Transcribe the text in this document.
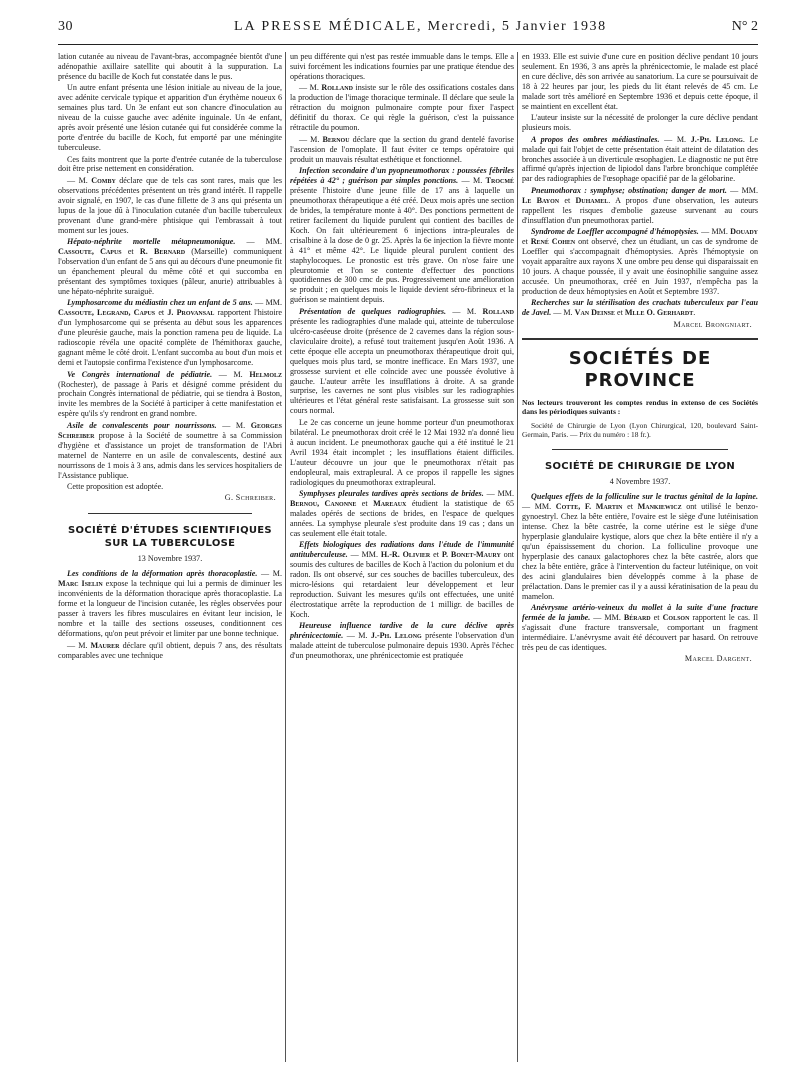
30	LA PRESSE MÉDICALE, Mercredi, 5 Janvier 1938	N° 2

lation cutanée au niveau de l'avant-bras, accompagnée bientôt d'une adénopathie axillaire satellite qui aboutit à la suppuration. La présence du bacille de Koch fut constatée dans le pus.

Un autre enfant présenta une lésion initiale au niveau de la joue, avec adénite cervicale typique et apparition d'un érythème noueux 6 semaines plus tard. Un 3e enfant eut son chancre d'inoculation au niveau de la cuisse gauche avec adénite inguinale. Un 4e enfant, après avoir présenté une lésion cutanée qui fut considérée comme la porte d'entrée du bacille de Koch, fut emporté par une méningite tuberculeuse.

Ces faits montrent que la porte d'entrée cutanée de la tuberculose doit être prise nettement en considération.

— M. Comby déclare que de tels cas sont rares, mais que les observations précédentes présentent un très grand intérêt. Il rappelle avoir signalé, en 1907, le cas d'une fillette de 3 ans qui présenta un lupus de la joue dû à l'inoculation cutanée d'un bacille tuberculeux provenant d'une grand-mère phtisique qui l'embrassait à tout moment sur les joues.

Hépato-néphrite mortelle métapneumonique. — MM. Cassoute, Capus et R. Bernard (Marseille) communiquent l'observation d'un enfant de 5 ans qui au décours d'une pneumonie fit un épanchement pleural du même côté et qui succomba en présentant des symptômes toxiques (pâleur, anurie) attribuables à une hépato-néphrite suraiguë.

Lymphosarcome du médiastin chez un enfant de 5 ans. — MM. Cassoute, Legrand, Capus et J. Provansal rapportent l'histoire d'un lymphosarcome qui se présenta au début sous les apparences d'une pleurésie gauche, mais la ponction ramena peu de liquide. La radioscopie révéla une opacité complète de l'hémithorax gauche, gagnant même le côté droit. L'enfant succomba au bout d'un mois et demi et l'autopsie confirma l'existence d'un lymphosarcome.

Ve Congrès international de pédiatrie. — M. Helmolz (Rochester), de passage à Paris et désigné comme président du prochain Congrès international de pédiatrie, qui se tiendra à Boston, invite les membres de la Société à participer à cette manifestation et espère qu'ils s'y rendront en grand nombre.

Asile de convalescents pour nourrissons. — M. Georges Schreiber propose à la Société de soumettre à sa Commission d'hygiène et d'assistance un projet de transformation de l'Abri maternel de Nanterre en un asile de convalescents, destiné aux nourrissons de 1 mois à 3 ans, admis dans les services hospitaliers de l'Assistance publique.

Cette proposition est adoptée.

G. Schreiber.

SOCIÉTÉ D'ÉTUDES SCIENTIFIQUES SUR LA TUBERCULOSE

13 Novembre 1937.

Les conditions de la déformation après thoracoplastie. — M. Marc Iselin expose la technique qui lui a permis de diminuer les inconvénients de la déformation thoracique après thoracoplastie. La forme et la longueur de l'incision cutanée, les règles observées pour passer à travers les fibres musculaires en évitant leur incision, le nombre et la taille des sections osseuses, conditionnent ces déformations, qu'on peut prévoir et limiter par une bonne technique.

— M. Maurer déclare qu'il obtient, depuis 7 ans, des résultats comparables avec une technique

un peu différente qui n'est pas restée immuable dans le temps. Elle a suivi forcément les indications fournies par une pratique étendue des opérations thoraciques.

— M. Rolland insiste sur le rôle des ossifications costales dans la production de l'image thoracique terminale. Il déclare que seule la rétraction du moignon pulmonaire compte pour fixer l'aspect définitif du thorax. Ce qui règle la guérison, c'est la puissance rétractile du poumon.

— M. Bernou déclare que la section du grand dentelé favorise l'ascension de l'omoplate. Il faut éviter ce temps opératoire qui produit un mauvais résultat esthétique et fonctionnel.

Infection secondaire d'un pyopneumothorax : poussées fébriles répétées à 42° ; guérison par simples ponctions. — M. Trocmé présente l'histoire d'une jeune fille de 17 ans à laquelle un pneumothorax thérapeutique a été créé. Deux mois après une section de brides, la température monte à 40°. Des ponctions permettent de retirer facilement du liquide purulent qui contient des bacilles de Koch. On fait ultérieurement 6 injections intra-pleurales de crisalbine à la dose de 0 gr. 25. Après la 6e injection la fièvre monte à 41° et même 42°. Le liquide pleural purulent contient des staphylocoques. Le pronostic est très grave. On n'ose faire une pleurotomie et l'on se contente d'effectuer des ponctions quotidiennes de 300 cmc de pus. Progressivement une amélioration se produit ; en quelques mois le liquide devient séro-fibrineux et la guérison se maintient depuis.

Présentation de quelques radiographies. — M. Rolland présente les radiographies d'une malade qui, atteinte de tuberculose ulcéro-caséeuse droite (présence de 2 cavernes dans la région sous-claviculaire droite), a refusé tout traitement jusqu'en Août 1936. A cette époque elle accepta un pneumothorax thérapeutique droit qui, quelques mois plus tard, se montre inefficace. En Mars 1937, une grossesse survient et elle coïncide avec une poussée évolutive à gauche. L'auteur arrête les insufflations à droite. A sa grande surprise, les cavernes ne sont plus visibles sur les radiographies ultérieures et l'état général reste satisfaisant. La grossesse suit son cours normal.

Le 2e cas concerne un jeune homme porteur d'un pneumothorax bilatéral. Le pneumothorax droit créé le 12 Mai 1932 n'a donné lieu à aucun incident. Le pneumothorax gauche qui a été institué le 21 Avril 1934 était incomplet ; les insufflations étaient difficiles. L'auteur découvre un jour que le pneumothorax n'était pas endopleural, mais extrapleural. A ce propos il rappelle les signes radiologiques du pneumothorax extrapleural.

Symphyses pleurales tardives après sections de brides. — MM. Bernou, Canonne et Mareaux étudient la statistique de 65 malades opérés de sections de brides, en l'espace de quelques années. La symphyse pleurale s'est produite dans 19 cas ; dans un cas seulement elle était totale.

Effets biologiques des radiations dans l'étude de l'immunité antituberculeuse. — MM. H.-R. Olivier et P. Bonet-Maury ont soumis des cultures de bacilles de Koch à l'action du polonium et du radon. Ils ont observé, sur ces souches de bacilles tuberculeux, des micro-lésions qui retardaient leur développement et leur reproduction. Suivant les mesures qu'ils ont effectuées, une unité électrostatique arrête la reproduction de 1 milligr. de bacilles de Koch.

Heureuse influence tardive de la cure déclive après phrénicectomie. — M. J.-Ph. Lelong présente l'observation d'un malade atteint de tuberculose pulmonaire depuis 1930. Après l'échec d'un pneumothorax, une phrénicectomie est pratiquée

en 1933. Elle est suivie d'une cure en position déclive pendant 10 jours seulement. En 1936, 3 ans après la phrénicectomie, le malade est placé en cure déclive, dès son arrivée au sanatorium. La cure se poursuivait de 18 à 22 heures par jour, les pieds du lit étant relevés de 45 cm. Le malade sort très amélioré en Septembre 1936 et depuis cette époque, il se maintient en excellent état.

L'auteur insiste sur la nécessité de prolonger la cure déclive pendant plusieurs mois.

A propos des ombres médiastinales. — M. J.-Ph. Lelong. Le malade qui fait l'objet de cette présentation était atteint de dilatation des bronches associée à un diverticule œsophagien. Le diagnostic ne put être affirmé qu'après injection de lipiodol dans l'arbre bronchique complétée par des radiographies de l'œsophage opacifié par de la gélobarine.

Pneumothorax : symphyse; obstination; danger de mort. — MM. Le Bayon et Duhamel. A propos d'une observation, les auteurs rappellent les risques d'embolie gazeuse survenant au cours d'insufflation d'un pneumothorax partiel.

Syndrome de Loeffler accompagné d'hémoptysies. — MM. Douady et René Cohen ont observé, chez un étudiant, un cas de syndrome de Loeffler qui s'accompagnait d'hémoptysies. Après l'hémoptysie on voyait apparaître aux rayons X une ombre peu dense qui disparaissait en 10 jours. A chaque poussée, il y avait une éosinophilie sanguine assez accusée. Un pneumothorax, créé en Juin 1937, n'empêcha pas la production de deux hémoptysies en Août et Septembre 1937.

Recherches sur la stérilisation des crachats tuberculeux par l'eau de Javel. — M. Van Deinse et Mlle O. Gerhardt.

Marcel Brongniart.

SOCIÉTÉS DE PROVINCE

Nos lecteurs trouveront les comptes rendus in extenso de ces Sociétés dans les périodiques suivants :

Société de Chirurgie de Lyon (Lyon Chirurgical, 120, boulevard Saint-Germain, Paris. — Prix du numéro : 18 fr.).

SOCIÉTÉ DE CHIRURGIE DE LYON

4 Novembre 1937.

Quelques effets de la folliculine sur le tractus génital de la lapine. — MM. Cotte, F. Martin et Mankiewicz ont utilisé le benzo-gynoestryl. Chez la bête entière, l'ovaire est le siège d'une lutéinisation intense. Chez la bête castrée, la corne utérine est le siège d'une hyperplasie glandulaire kystique, alors que chez la bête entière il n'y a qu'un épaississement du chorion. La folliculine provoque une hyperplasie des canaux galactophores chez la bête castrée, alors que chez la bête entière, grâce à l'intervention du facteur lutéinique, on voit des acini glandulaires bien développés comme à la phase de prélactation. Dans le premier cas il y a aussi kératinisation de la peau du mamelon.

Anévrysme artério-veineux du mollet à la suite d'une fracture fermée de la jambe. — MM. Bérard et Colson rapportent le cas. Il s'agissait d'une fracture transversale, comportant un fragment intermédiaire. L'anévrysme avait été découvert par hasard. On retrouve très peu de cas identiques.

Marcel Dargent.
